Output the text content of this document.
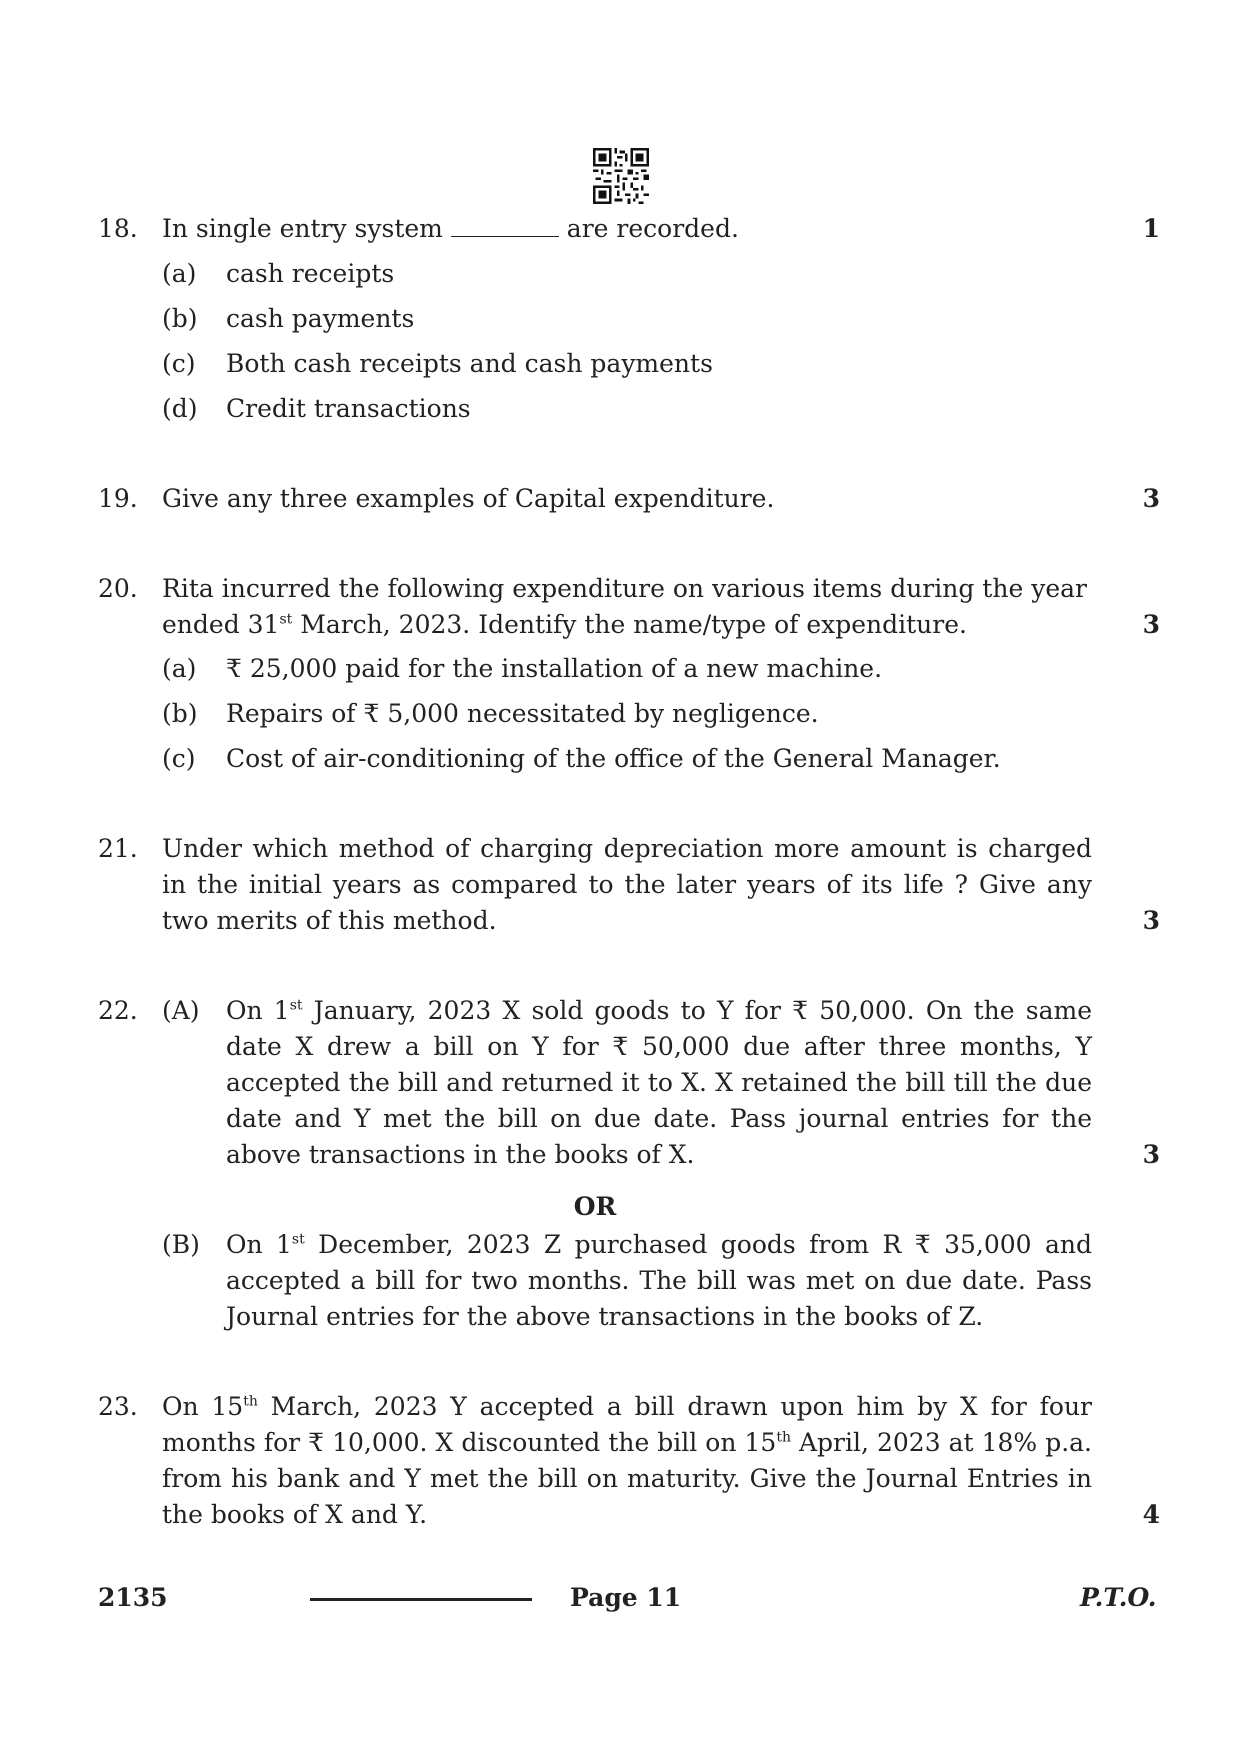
18. In single entry system	are recorded.	1
(a)	cash receipts
(b)	cash payments
(c)	Both cash receipts and cash payments
(d)	Credit transactions
19. Give any three examples of Capital expenditure.	3
20. Rita incurred the following expenditure on various items during the year
ended 31st March, 2023. Identify the name/type of expenditure.	3
(a)	₹ 25,000 paid for the installation of a new machine.
(b)	Repairs of ₹ 5,000 necessitated by negligence.
(c)	Cost of air-conditioning of the office of the General Manager.
21. Under which method of charging depreciation more amount is charged in the initial years as compared to the later years of its life ? Give any two merits of this method.	3
22. (A)	On 1st January, 2023 X sold goods to Y for ₹ 50,000. On the same date X drew a bill on Y for ₹ 50,000 due after three months, Y accepted the bill and returned it to X. X retained the bill till the due date and Y met the bill on due date. Pass journal entries for the above transactions in the books of X.	3
OR
(B)	On 1st December, 2023 Z purchased goods from R ₹ 35,000 and accepted a bill for two months. The bill was met on due date. Pass Journal entries for the above transactions in the books of Z.
23. On 15th March, 2023 Y accepted a bill drawn upon him by X for four months for ₹ 10,000. X discounted the bill on 15th April, 2023 at 18% p.a. from his bank and Y met the bill on maturity. Give the Journal Entries in the books of X and Y.	4
2135	Page 11	P.T.O.
